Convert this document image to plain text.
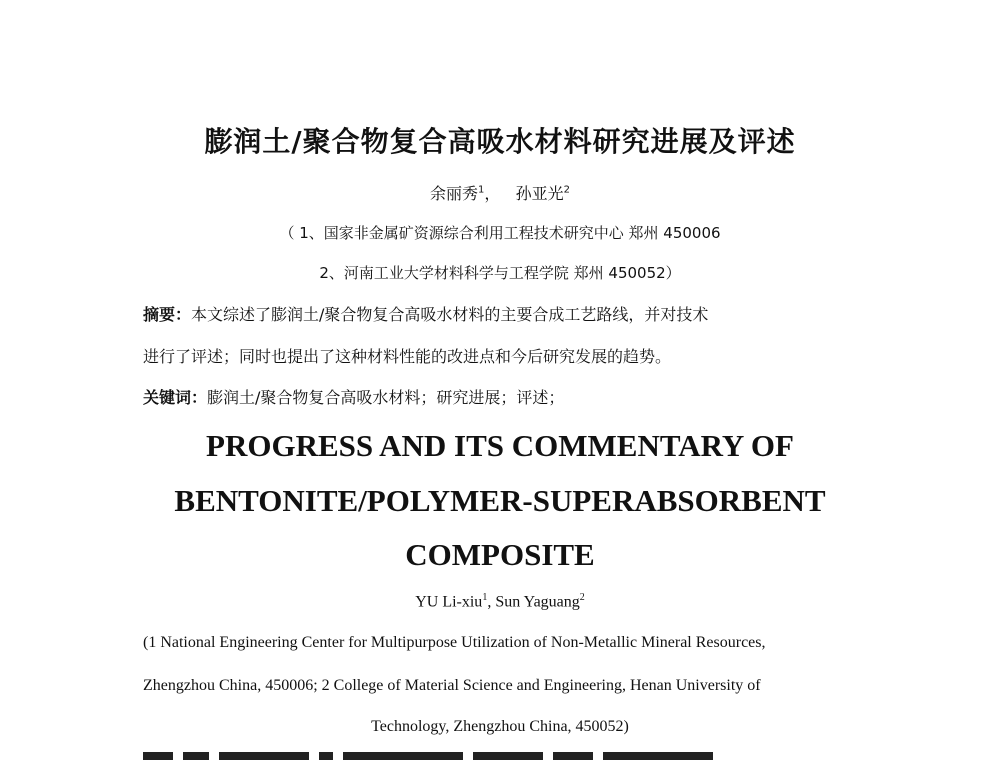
膨润土/聚合物复合高吸水材料研究进展及评述
余丽秀$^1$， 孙亚光$^2$
（ 1、国家非金属矿资源综合利用工程技术研究中心 郑州 450006
2、河南工业大学材料科学与工程学院 郑州 450052）
摘要：本文综述了膨润土/聚合物复合高吸水材料的主要合成工艺路线，并对技术
进行了评述；同时也提出了这种材料性能的改进点和今后研究发展的趋势。
关键词：膨润土/聚合物复合高吸水材料；研究进展；评述；
PROGRESS AND ITS COMMENTARY OF
BENTONITE/POLYMER-SUPERABSORBENT
COMPOSITE
YU Li-xiu$^1$, Sun Yaguang$^2$
(1 National Engineering Center for Multipurpose Utilization of Non-Metallic Mineral Resources,
Zhengzhou China, 450006; 2 College of Material Science and Engineering, Henan University of
Technology, Zhengzhou China, 450052)
